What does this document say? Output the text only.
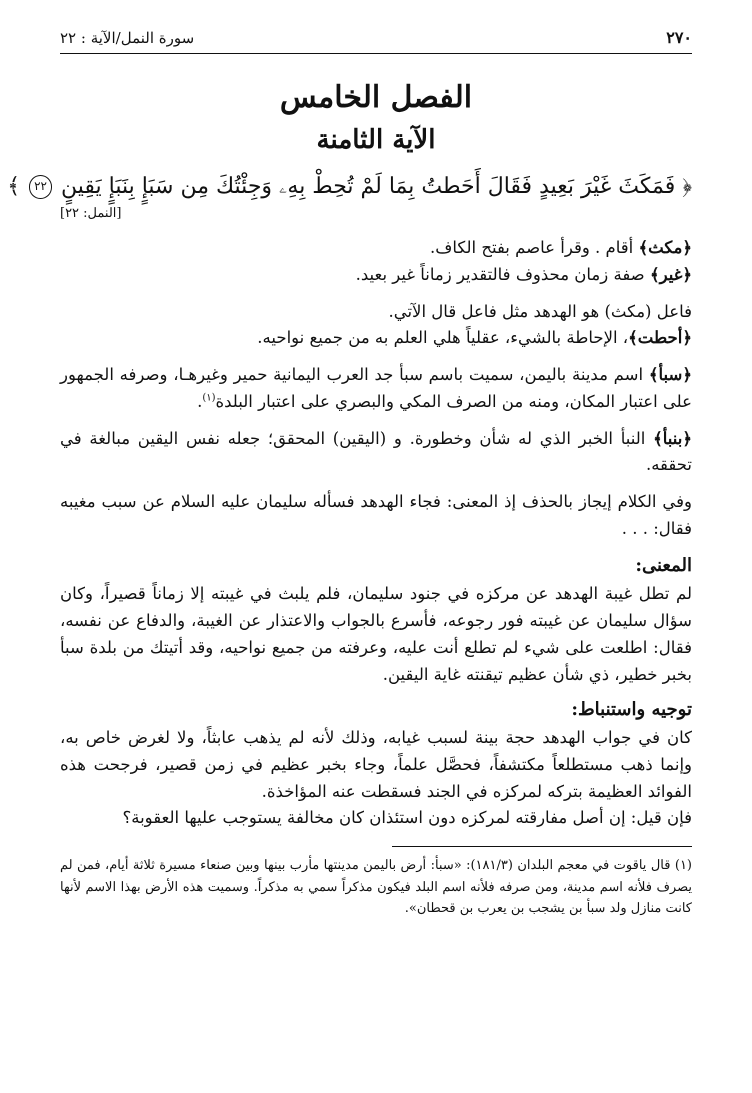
٢٧٠
سورة النمل/الآية : ٢٢
الفصل الخامس
الآية الثامنة
﴿ فَمَكَثَ غَيْرَ بَعِيدٍ فَقَالَ أَحَطتُ بِمَا لَمْ تُحِطْ بِهِۦ وَجِئْتُكَ مِن سَبَإٍ بِنَبَإٍ يَقِينٍ ٢٢ ﴾
[النمل: ٢٢]

﴿مكث﴾ أقام . وقرأ عاصم بفتح الكاف.

﴿غير﴾ صفة زمان محذوف فالتقدير زماناً غير بعيد.

فاعل (مكث) هو الهدهد مثل فاعل قال الآتي.

﴿أحطت﴾، الإحاطة بالشيء، عقلياً هلي العلم به من جميع نواحيه.

﴿سبأ﴾ اسم مدينة باليمن، سميت باسم سبأ جد العرب اليمانية حمير وغيرهـا، وصرفه الجمهور على اعتبار المكان، ومنه من الصرف المكي والبصري على اعتبار البلدة$^{(١)}$.

﴿بنبأ﴾ النبأ الخبر الذي له شأن وخطورة. و (اليقين) المحقق؛ جعله نفس اليقين مبالغة في تحققه.

وفي الكلام إيجاز بالحذف إذ المعنى: فجاء الهدهد فسأله سليمان عليه السلام عن سبب مغيبه فقال: . . .

المعنى:

لم تطل غيبة الهدهد عن مركزه في جنود سليمان، فلم يلبث في غيبته إلا زماناً قصيراً، وكان سؤال سليمان عن غيبته فور رجوعه، فأسرع بالجواب والاعتذار عن الغيبة، والدفاع عن نفسه، فقال: اطلعت على شيء لم تطلع أنت عليه، وعرفته من جميع نواحيه، وقد أتيتك من بلدة سبأ بخبر خطير، ذي شأن عظيم تيقنته غاية اليقين.

توجيه واستنباط:

كان في جواب الهدهد حجة بينة لسبب غيابه، وذلك لأنه لم يذهب عابثاً، ولا لغرض خاص به، وإنما ذهب مستطلعاً مكتشفاً، فحصَّل علماً، وجاء بخبر عظيم في زمن قصير، فرجحت هذه الفوائد العظيمة بتركه لمركزه في الجند فسقطت عنه المؤاخذة.

فإن قيل: إن أصل مفارقته لمركزه دون استئذان كان مخالفة يستوجب عليها العقوبة؟

(١) قال ياقوت في معجم البلدان (١٨١/٣): «سبأ: أرض باليمن مدينتها مأرب بينها وبين صنعاء مسيرة ثلاثة أيام، فمن لم يصرف فلأنه اسم مدينة، ومن صرفه فلأنه اسم البلد فيكون مذكراً سمي به مذكراً. وسميت هذه الأرض بهذا الاسم لأنها كانت منازل ولد سبأ بن يشجب بن يعرب بن قحطان».
